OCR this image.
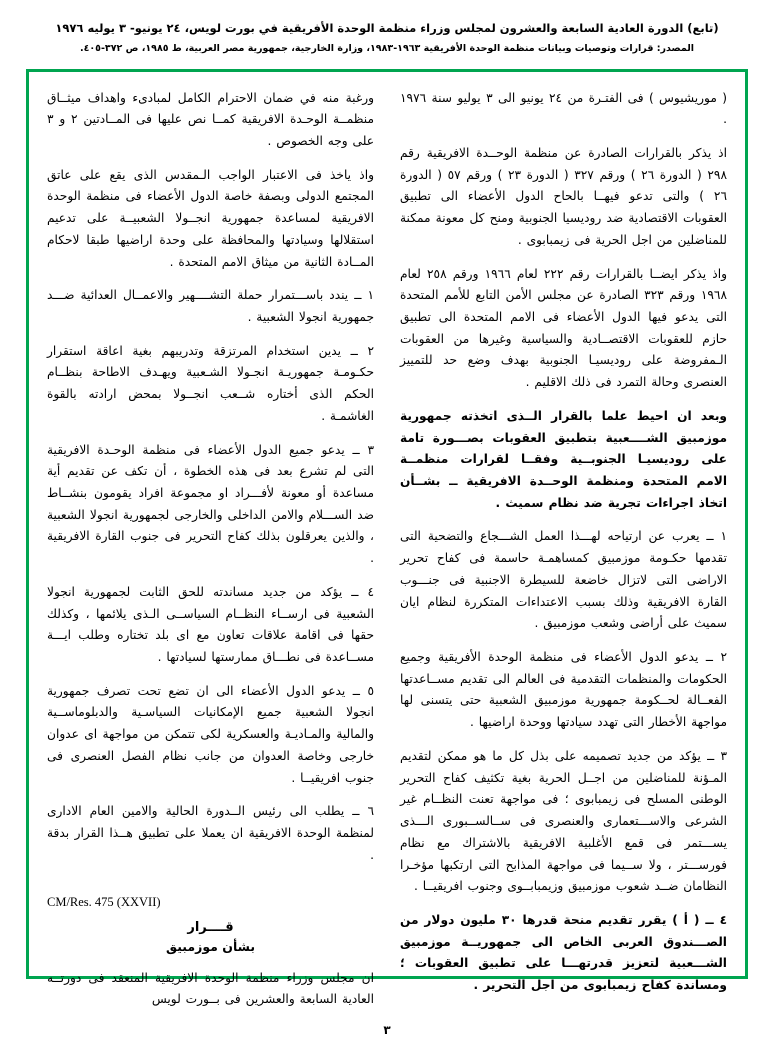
(تابع) الدورة العادية السابعة والعشرون لمجلس وزراء منظمة الوحدة الأفريقية في بورت لويس، ٢٤ يونيو- ٣ يوليه ١٩٧٦
المصدر: قرارات وتوصيات وبيانات منظمة الوحدة الأفريقية ١٩٦٣-١٩٨٣، وزارة الخارجية، جمهورية مصر العربية، ط ١٩٨٥، ص ٣٧٢-٤٠٥.

( موريشيوس ) فى الفتـرة من ٢٤ يونيو الى ٣ يوليو سنة ١٩٧٦ .

اذ يذكر بالقرارات الصادرة عن منظمة الوحــدة الافريقية رقم ٢٩٨ ( الدورة ٢٦ ) ورقم ٣٢٧ ( الدورة ٢٣ ) ورقم ٥٧ ( الدورة ٢٦ ) والتى تدعو فيهــا بالحاح الدول الأعضاء الى تطبيق العقوبات الاقتصادية ضد روديسيا الجنوبية ومنح كل معونة ممكنة للمناضلين من اجل الحرية فى زيمبابوى .

واذ يذكر ايضــا بالقرارات رقم ٢٢٢ لعام ١٩٦٦ ورقم ٢٥٨ لعام ١٩٦٨ ورقم ٣٢٣ الصادرة عن مجلس الأمن التابع للأمم المتحدة التى يدعو فيها الدول الأعضاء فى الامم المتحدة الى تطبيق حازم للعقوبات الاقتصــادية والسياسية وغيرها من العقوبات الـمفروضة على روديسيـا الجنوبية بهدف وضع حد للتمييز العنصرى وحالة التمرد فى ذلك الاقليم .

وبعد ان احيط علما بالقرار الــذى اتخذته جمهورية موزمبيق الشــــعبية بتطبيق العقوبات بصـــورة تامة على روديسيـا الجنوبــية وفقــا لقرارات منظمــة الامم المتحدة ومنظمة الوحــدة الافريقية ــ بشــأن اتخاذ اجراءات تجرية ضد نظام سميث .

١ ــ يعرب عن ارتياحه لهـــذا العمل الشـــجاع والتضحية التى تقدمها حكـومة موزمبيق كمساهمـة حاسمة فى كفاح تحرير الاراضى التى لاتزال خاضعة للسيطرة الاجنبية فى جنـــوب القارة الافريقية وذلك بسبب الاعتداءات المتكررة لنظام ايان سميث على أراضى وشعب موزمبيق .

٢ ــ يدعو الدول الأعضاء فى منظمة الوحدة الأفريقية وجميع الحكومات والمنظمات التقدمية فى العالم الى تقديم مســاعدتها الفعــالة لحــكومة جمهورية موزمبيق الشعبية حتى يتسنى لها مواجهة الأخطار التى تهدد سيادتها ووحدة اراضيها .

٣ ــ يؤكد من جديد تصميمه على بذل كل ما هو ممكن لتقديم المـؤنة للمناضلين من اجــل الحرية بغية تكثيف كفاح التحرير الوطنى المسلح فى زيمبابوى ؛ فى مواجهة تعنت النظــام غير الشرعى والاســـتعمارى والعنصرى فى ســالســبورى الـــذى يســـتمر فى قمع الأغلبية الافريقية بالاشتراك مع نظام فورســـتر ، ولا ســيما فى مواجهة المذابح التى ارتكبها مؤخـرا النظامان ضــد شعوب موزمبيق وزيمبابــوى وجنوب افريقيــا .

٤ ــ ( أ ) يقرر تقديم منحة قدرها ٣٠ مليون دولار من الصـــندوق العربى الخاص الى جمهوريــة موزمبيق الشـــعبية لتعزيز قدرتهـــا على تطبيق العقوبات ؛ ومساندة كفاح زيمبابوى من اجل التحرير .

ورغبة منه في ضمان الاحترام الكامل لمبادىء واهداف ميثــاق منظمــة الوحـدة الافريقية كمــا نص عليها فى المــادتين ٢ و ٣ على وجه الخصوص .

واذ ياخذ فى الاعتبار الواجب الـمقدس الذى يقع على عاتق المجتمع الدولى وبصفة خاصة الدول الأعضاء فى منظمة الوحدة الافريقية لمساعدة جمهورية انجــولا الشعبيــة على تدعيم استقلالها وسيادتها والمحافظة على وحدة اراضيها طبقا لاحكام المــادة الثانية من ميثاق الامم المتحدة .

١ ــ يندد باســـتمرار حملة التشــــهير والاعمــال العدائية ضـــد جمهورية انجولا الشعبية .

٢ ــ يدين استخدام المرتزقة وتدريبهم بغية اعاقة استقرار حكـومـة جمهوريـة انجـولا الشـعبية ويهـدف الاطاحة بنظــام الحكم الذى أختاره شــعب انجــولا بمحض ارادته بالقوة الغاشمـة .

٣ ــ يدعو جميع الدول الأعضاء فى منظمة الوحـدة الافريقية التى لم تشرع بعد فى هذه الخطوة ، أن تكف عن تقديم أية مساعدة أو معونة لأفـــراد او مجموعة افراد يقومون بنشــاط ضد الســـلام والامن الداخلى والخارجى لجمهورية انجولا الشعبية ، والذين يعرقلون بذلك كفاح التحرير فى جنوب القارة الافريقية .

٤ ــ يؤكد من جديد مساندته للحق الثابت لجمهورية انجولا الشعبية فى ارســاء النظــام السياســى الـذى يلائمها ، وكذلك حقها فى اقامة علاقات تعاون مع اى بلد تختاره وطلب ايـــة مســاعدة فى نطـــاق ممارستها لسيادتها .

٥ ــ يدعو الدول الأعضاء الى ان تضع تحت تصرف جمهورية انجولا الشعبية جميع الإمكانيات السياسـية والدبلوماســية والمالية والمـاديـة والعسكرية لكى تتمكن من مواجهة اى عدوان خارجى وخاصة العدوان من جانب نظام الفصل العنصرى فى جنوب افريقيــا .

٦ ــ يطلب الى رئيس الــدورة الحالية والامين العام الادارى لمنظمة الوحدة الافريقية ان يعملا على تطبيق هــذا القرار بدقة .

CM/Res. 475 (XXVII)
قــــرار
بشأن موزمبيق

ان مجلس وزراء منظمة الوحدة الافريقية المنعقد فى دورتــه العادية السابعة والعشرين فى بــورت لويس

٣
